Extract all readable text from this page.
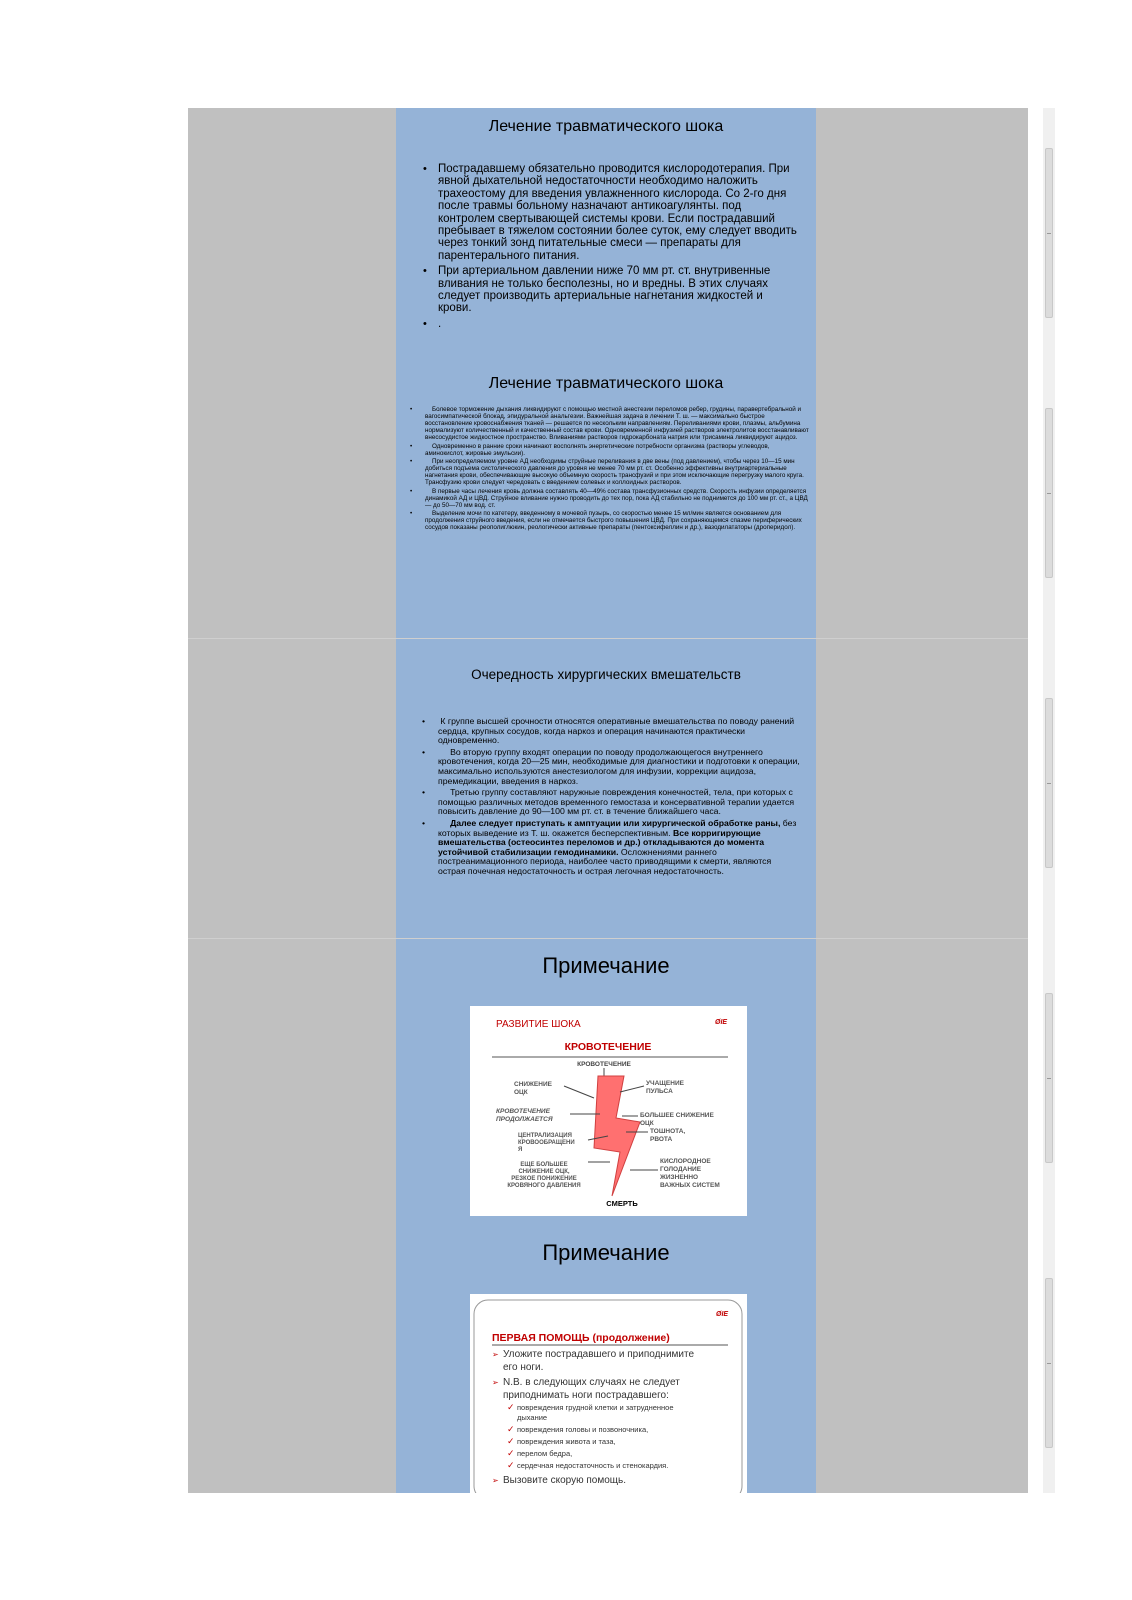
Лечение травматического шока
• Пострадавшему обязательно проводится кислородотерапия. При явной дыхательной недостаточности необходимо наложить трахеостому для введения увлажненного кислорода. Со 2-го дня после травмы больному назначают антикоагулянты. под контролем свертывающей системы крови. Если пострадавший пребывает в тяжелом состоянии более суток, ему следует вводить через тонкий зонд питательные смеси — препараты для парентерального питания.
• При артериальном давлении ниже 70 мм рт. ст. внутривенные вливания не только бесполезны, но и вредны. В этих случаях следует производить артериальные нагнетания жидкостей и крови.
• .
Лечение травматического шока
• Болевое торможение дыхания ликвидируют с помощью местной анестезии переломов ребер, грудины, паравертебральной и вагосимпатической блокад, эпидуральной анальгезии. Важнейшая задача в лечении Т. ш. — максимально быстрое восстановление кровоснабжения тканей — решается по нескольким направлениям. Переливаниями крови, плазмы, альбумина нормализуют количественный и качественный состав крови. Одновременной инфузией растворов электролитов восстанавливают внесосудистое жидкостное пространство. Вливаниями растворов гидрокарбоната натрия или трисамина ликвидируют ацидоз.
• Одновременно в ранние сроки начинают восполнять энергетические потребности организма (растворы углеводов, аминокислот, жировые эмульсии).
• При неопределяемом уровне АД необходимы струйные переливания в две вены (под давлением), чтобы через 10—15 мин добиться подъема систолического давления до уровня не менее 70 мм рт. ст. Особенно эффективны внутриартериальные нагнетания крови, обеспечивающие высокую объемную скорость трансфузий и при этом исключающие перегрузку малого круга. Трансфузию крови следует чередовать с введением солевых и коллоидных растворов.
• В первые часы лечения кровь должна составлять 40—49% состава трансфузионных средств. Скорость инфузии определяется динамикой АД и ЦВД. Струйное вливание нужно проводить до тех пор, пока АД стабильно не поднимется до 100 мм рт. ст., а ЦВД — до 50—70 мм вод. ст.
• Выделение мочи по катетеру, введенному в мочевой пузырь, со скоростью менее 15 мл/мин является основанием для продолжения струйного введения, если не отмечается быстрого повышения ЦВД. При сохраняющемся спазме периферических сосудов показаны реополиглюкин, реологически активные препараты (пентоксифеллин и др.), вазодилататоры (дроперидол).
Очередность хирургических вмешательств
• К группе высшей срочности относятся оперативные вмешательства по поводу ранений сердца, крупных сосудов, когда наркоз и операция начинаются практически одновременно.
• Во вторую группу входят операции по поводу продолжающегося внутреннего кровотечения, когда 20—25 мин, необходимые для диагностики и подготовки к операции, максимально используются анестезиологом для инфузии, коррекции ацидоза, премедикации, введения в наркоз.
• Третью группу составляют наружные повреждения конечностей, тела, при которых с помощью различных методов временного гемостаза и консервативной терапии удается повысить давление до 90—100 мм рт. ст. в течение ближайшего часа.
• Далее следует приступать к амптуации или хирургической обработке раны, без которых выведение из Т. ш. окажется бесперспективным. Все корригирующие вмешательства (остеосинтез переломов и др.) откладываются до момента устойчивой стабилизации гемодинамики. Осложнениями раннего постреанимационного периода, наиболее часто приводящими к смерти, являются острая почечная недостаточность и острая легочная недостаточность.
Примечание
РАЗВИТИЕ ШОКА	ØIE
КРОВОТЕЧЕНИЕ
КРОВОТЕЧЕНИЕ
СНИЖЕНИЕ
ОЦК
КРОВОТЕЧЕНИЕ
ПРОДОЛЖАЕТСЯ
ЦЕНТРАЛИЗАЦИЯ
КРОВООБРАЩЕНИ
Я
ЕЩЕ БОЛЬШЕЕ
СНИЖЕНИЕ ОЦК,
РЕЗКОЕ ПОНИЖЕНИЕ
КРОВЯНОГО ДАВЛЕНИЯ
УЧАЩЕНИЕ
ПУЛЬСА
БОЛЬШЕЕ СНИЖЕНИЕ
ОЦК
ТОШНОТА,
РВОТА
КИСЛОРОДНОЕ
ГОЛОДАНИЕ
ЖИЗНЕННО
ВАЖНЫХ СИСТЕМ
СМЕРТЬ
Примечание
ØIE
ПЕРВАЯ ПОМОЩЬ (продолжение)
➢ Уложите пострадавшего и приподнимите
его ноги.
➢ N.B. в следующих случаях не следует
приподнимать ноги пострадавшего:
✓ повреждения грудной клетки и затрудненное
дыхание
✓ повреждения головы и позвоночника,
✓ повреждения живота и таза,
✓ перелом бедра,
✓ сердечная недостаточность и стенокардия.
➢ Вызовите скорую помощь.
